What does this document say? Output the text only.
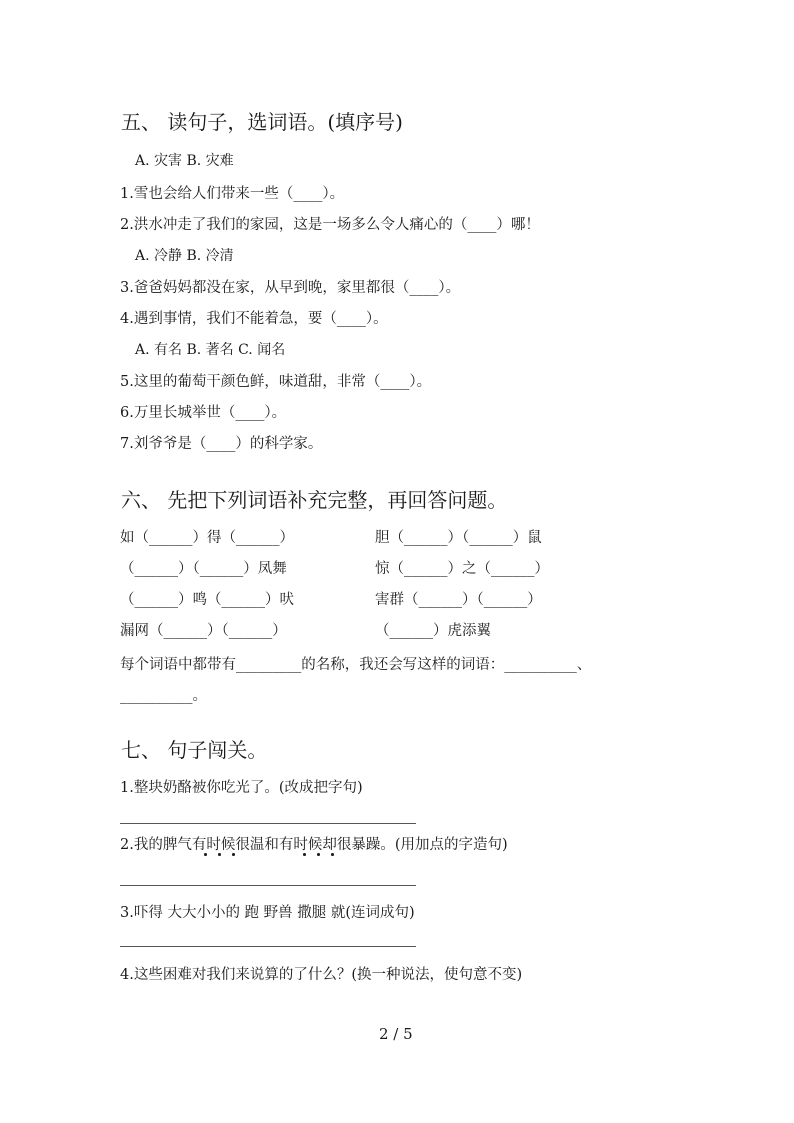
五、 读句子，选词语。(填序号)
A. 灾害 B. 灾难
1.雪也会给人们带来一些（____）。
2.洪水冲走了我们的家园，这是一场多么令人痛心的（____）哪！
A. 冷静 B. 冷清
3.爸爸妈妈都没在家，从早到晚，家里都很（____）。
4.遇到事情，我们不能着急，要（____）。
A. 有名 B. 著名 C. 闻名
5.这里的葡萄干颜色鲜，味道甜，非常（____）。
6.万里长城举世（____）。
7.刘爷爷是（____）的科学家。
六、 先把下列词语补充完整，再回答问题。
如（______）得（______）	胆（______）（______）鼠
（______）（______）凤舞	惊（______）之（______）
（______）鸣（______）吠	害群（______）（______）
漏网（______）（______）	（______）虎添翼
每个词语中都带有_________的名称，我还会写这样的词语：__________、
__________。
七、 句子闯关。
1.整块奶酪被你吃光了。(改成把字句)
2.我的脾气有时候很温和有时候却很暴躁。(用加点的字造句)
3.吓得 大大小小的 跑 野兽 撒腿 就(连词成句)
4.这些困难对我们来说算的了什么？(换一种说法，使句意不变)
2 / 5
